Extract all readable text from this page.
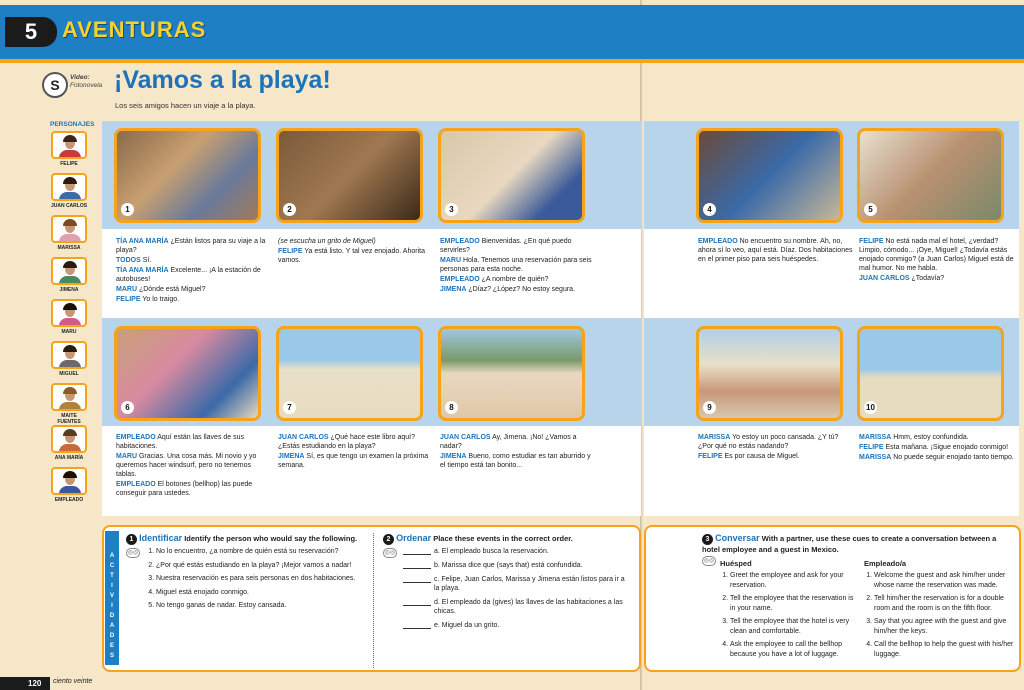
5	AVENTURAS
S	Video:
Fotonovela ¡Vamos a la playa!
Los seis amigos hacen un viaje a la playa.
PERSONAJES
FELIPE
JUAN CARLOS
MARISSA
JIMENA
MARU
MIGUEL
MAITE FUENTES
ANA MARÍA
EMPLEADO
1

TÍA ANA MARÍA ¿Están listos para su viaje a la playa?

TODOS Sí.

TÍA ANA MARÍA Excelente... ¡A la estación de autobuses!

MARU ¿Dónde está Miguel?

FELIPE Yo lo traigo.

2

(se escucha un grito de Miguel)

FELIPE Ya está listo. Y tal vez enojado. Ahorita vamos.

3

EMPLEADO Bienvenidas. ¿En qué puedo servirles?

MARU Hola. Tenemos una reservación para seis personas para esta noche.

EMPLEADO ¿A nombre de quién?

JIMENA ¿Díaz? ¿López? No estoy segura.

4

EMPLEADO No encuentro su nombre. Ah, no, ahora sí lo veo, aquí está. Díaz. Dos habitaciones en el primer piso para seis huéspedes.

5

FELIPE No está nada mal el hotel, ¿verdad? Limpio, cómodo... ¡Oye, Miguel! ¿Todavía estás enojado conmigo? (a Juan Carlos) Miguel está de mal humor. No me habla.

JUAN CARLOS ¿Todavía?

6

EMPLEADO Aquí están las llaves de sus habitaciones.

MARU Gracias. Una cosa más. Mi novio y yo queremos hacer windsurf, pero no tenemos tablas.

EMPLEADO El botones (bellhop) las puede conseguir para ustedes.

7

JUAN CARLOS ¿Qué hace este libro aquí? ¿Estás estudiando en la playa?

JIMENA Sí, es que tengo un examen la próxima semana.

8

JUAN CARLOS Ay, Jimena. ¡No! ¿Vamos a nadar?

JIMENA Bueno, como estudiar es tan aburrido y el tiempo está tan bonito...

9

MARISSA Yo estoy un poco cansada. ¿Y tú? ¿Por qué no estás nadando?

FELIPE Es por causa de Miguel.

10

MARISSA Hmm, estoy confundida.

FELIPE Esta mañana. ¡Sigue enojado conmigo!

MARISSA No puede seguir enojado tanto tiempo.

A
C
T
I
V
I
D
A
D
E
S
1 Identificar Identify the person who would say the following.
◎◎
1.	No lo encuentro, ¿a nombre de quién está su reservación?
2. ¿Por qué estás estudiando en la playa? ¡Mejor vamos a nadar!
3. Nuestra reservación es para seis personas en dos habitaciones.
4. Miguel está enojado conmigo.
5. No tengo ganas de nadar. Estoy cansada.
2 Ordenar Place these events in the correct order.
◎◎	a. El empleado busca la reservación.
b. Marissa dice que (says that) está confundida.
c. Felipe, Juan Carlos, Marissa y Jimena están listos para ir a la playa.
d. El empleado da (gives) las llaves de las habitaciones a las chicas.
e. Miguel da un grito.
3 Conversar With a partner, use these cues to create a conversation between a hotel employee and a guest in Mexico.
◎◎ Huésped
1. Greet the employee and ask for your reservation.
2. Tell the employee that the reservation is in your name.
3. Tell the employee that the hotel is very clean and comfortable.
4. Ask the employee to call the bellhop because you have a lot of luggage.
Empleado/a
1. Welcome the guest and ask him/her under whose name the reservation was made.
2. Tell him/her the reservation is for a double room and the room is on the fifth floor.
3. Say that you agree with the guest and give him/her the keys.
4. Call the bellhop to help the guest with his/her luggage.
120	ciento veinte
